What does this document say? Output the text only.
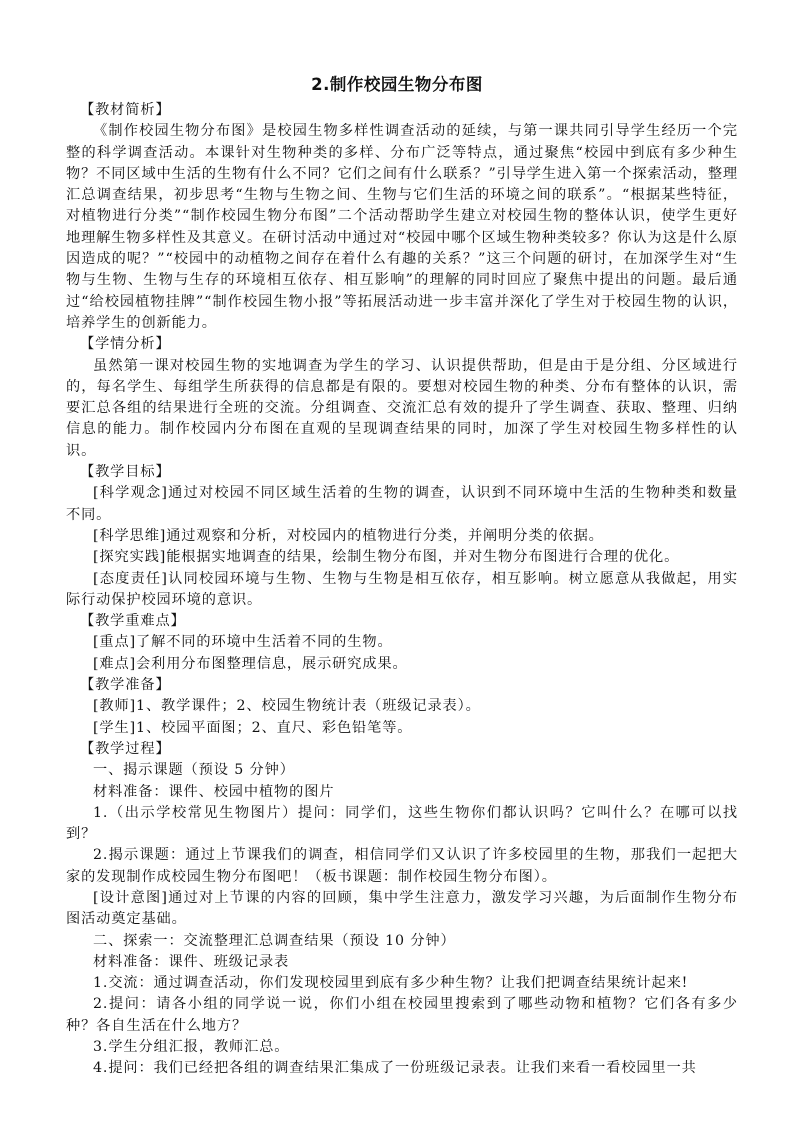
2.制作校园生物分布图

【教材简析】

《制作校园生物分布图》是校园生物多样性调查活动的延续，与第一课共同引导学生经历一个完整的科学调查活动。本课针对生物种类的多样、分布广泛等特点，通过聚焦“校园中到底有多少种生物？不同区域中生活的生物有什么不同？它们之间有什么联系？”引导学生进入第一个探索活动，整理汇总调查结果，初步思考“生物与生物之间、生物与它们生活的环境之间的联系”。“根据某些特征，对植物进行分类”“制作校园生物分布图”二个活动帮助学生建立对校园生物的整体认识，使学生更好地理解生物多样性及其意义。在研讨活动中通过对“校园中哪个区域生物种类较多？你认为这是什么原因造成的呢？”“校园中的动植物之间存在着什么有趣的关系？”这三个问题的研讨，在加深学生对“生物与生物、生物与生存的环境相互依存、相互影响”的理解的同时回应了聚焦中提出的问题。最后通过“给校园植物挂牌”“制作校园生物小报”等拓展活动进一步丰富并深化了学生对于校园生物的认识，培养学生的创新能力。

【学情分析】

虽然第一课对校园生物的实地调查为学生的学习、认识提供帮助，但是由于是分组、分区域进行的，每名学生、每组学生所获得的信息都是有限的。要想对校园生物的种类、分布有整体的认识，需要汇总各组的结果进行全班的交流。分组调查、交流汇总有效的提升了学生调查、获取、整理、归纳信息的能力。制作校园内分布图在直观的呈现调查结果的同时，加深了学生对校园生物多样性的认识。

【教学目标】

[科学观念]通过对校园不同区域生活着的生物的调查，认识到不同环境中生活的生物种类和数量不同。

[科学思维]通过观察和分析，对校园内的植物进行分类，并阐明分类的依据。

[探究实践]能根据实地调查的结果，绘制生物分布图，并对生物分布图进行合理的优化。

[态度责任]认同校园环境与生物、生物与生物是相互依存，相互影响。树立愿意从我做起，用实际行动保护校园环境的意识。

【教学重难点】

[重点]了解不同的环境中生活着不同的生物。

[难点]会利用分布图整理信息，展示研究成果。

【教学准备】

[教师]1、教学课件；2、校园生物统计表（班级记录表）。

[学生]1、校园平面图；2、直尺、彩色铅笔等。

【教学过程】

一、揭示课题（预设 5 分钟）

材料准备：课件、校园中植物的图片

1.（出示学校常见生物图片）提问：同学们，这些生物你们都认识吗？它叫什么？在哪可以找到？

2.揭示课题：通过上节课我们的调查，相信同学们又认识了许多校园里的生物，那我们一起把大家的发现制作成校园生物分布图吧！（板书课题：制作校园生物分布图）。

[设计意图]通过对上节课的内容的回顾，集中学生注意力，激发学习兴趣，为后面制作生物分布图活动奠定基础。

二、探索一：交流整理汇总调查结果（预设 10 分钟）

材料准备：课件、班级记录表

1.交流：通过调查活动，你们发现校园里到底有多少种生物？让我们把调查结果统计起来!

2.提问：请各小组的同学说一说，你们小组在校园里搜索到了哪些动物和植物？它们各有多少种？各自生活在什么地方？

3.学生分组汇报，教师汇总。

4.提问：我们已经把各组的调查结果汇集成了一份班级记录表。让我们来看一看校园里一共
